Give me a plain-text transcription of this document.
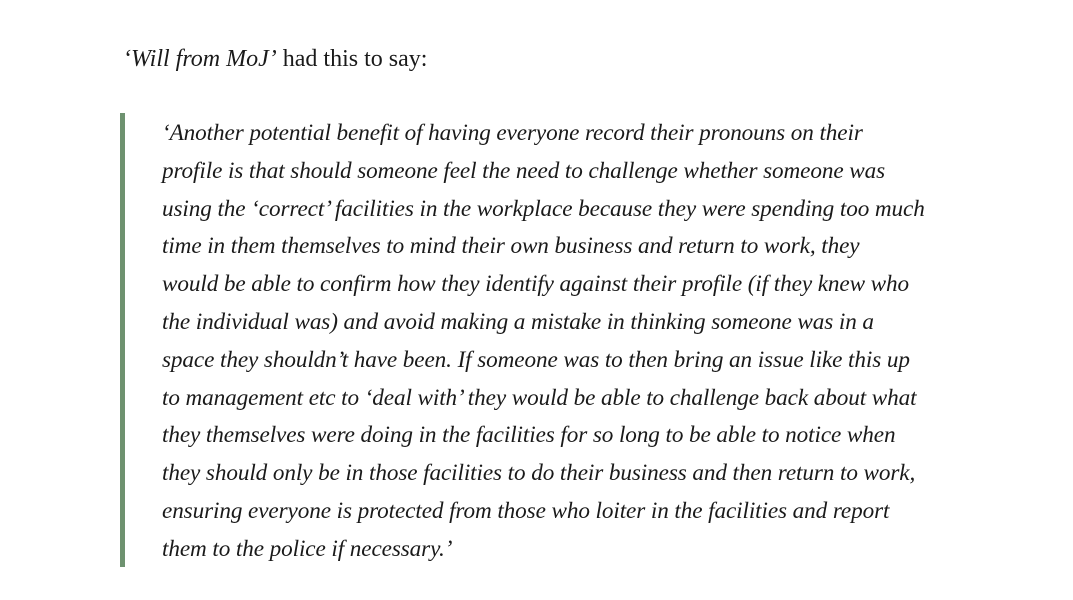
‘Will from MoJ’ had this to say:

‘Another potential benefit of having everyone record their pronouns on their
profile is that should someone feel the need to challenge whether someone was
using the ‘correct’ facilities in the workplace because they were spending too much
time in them themselves to mind their own business and return to work, they
would be able to confirm how they identify against their profile (if they knew who
the individual was) and avoid making a mistake in thinking someone was in a
space they shouldn’t have been. If someone was to then bring an issue like this up
to management etc to ‘deal with’ they would be able to challenge back about what
they themselves were doing in the facilities for so long to be able to notice when
they should only be in those facilities to do their business and then return to work,
ensuring everyone is protected from those who loiter in the facilities and report
them to the police if necessary.’
